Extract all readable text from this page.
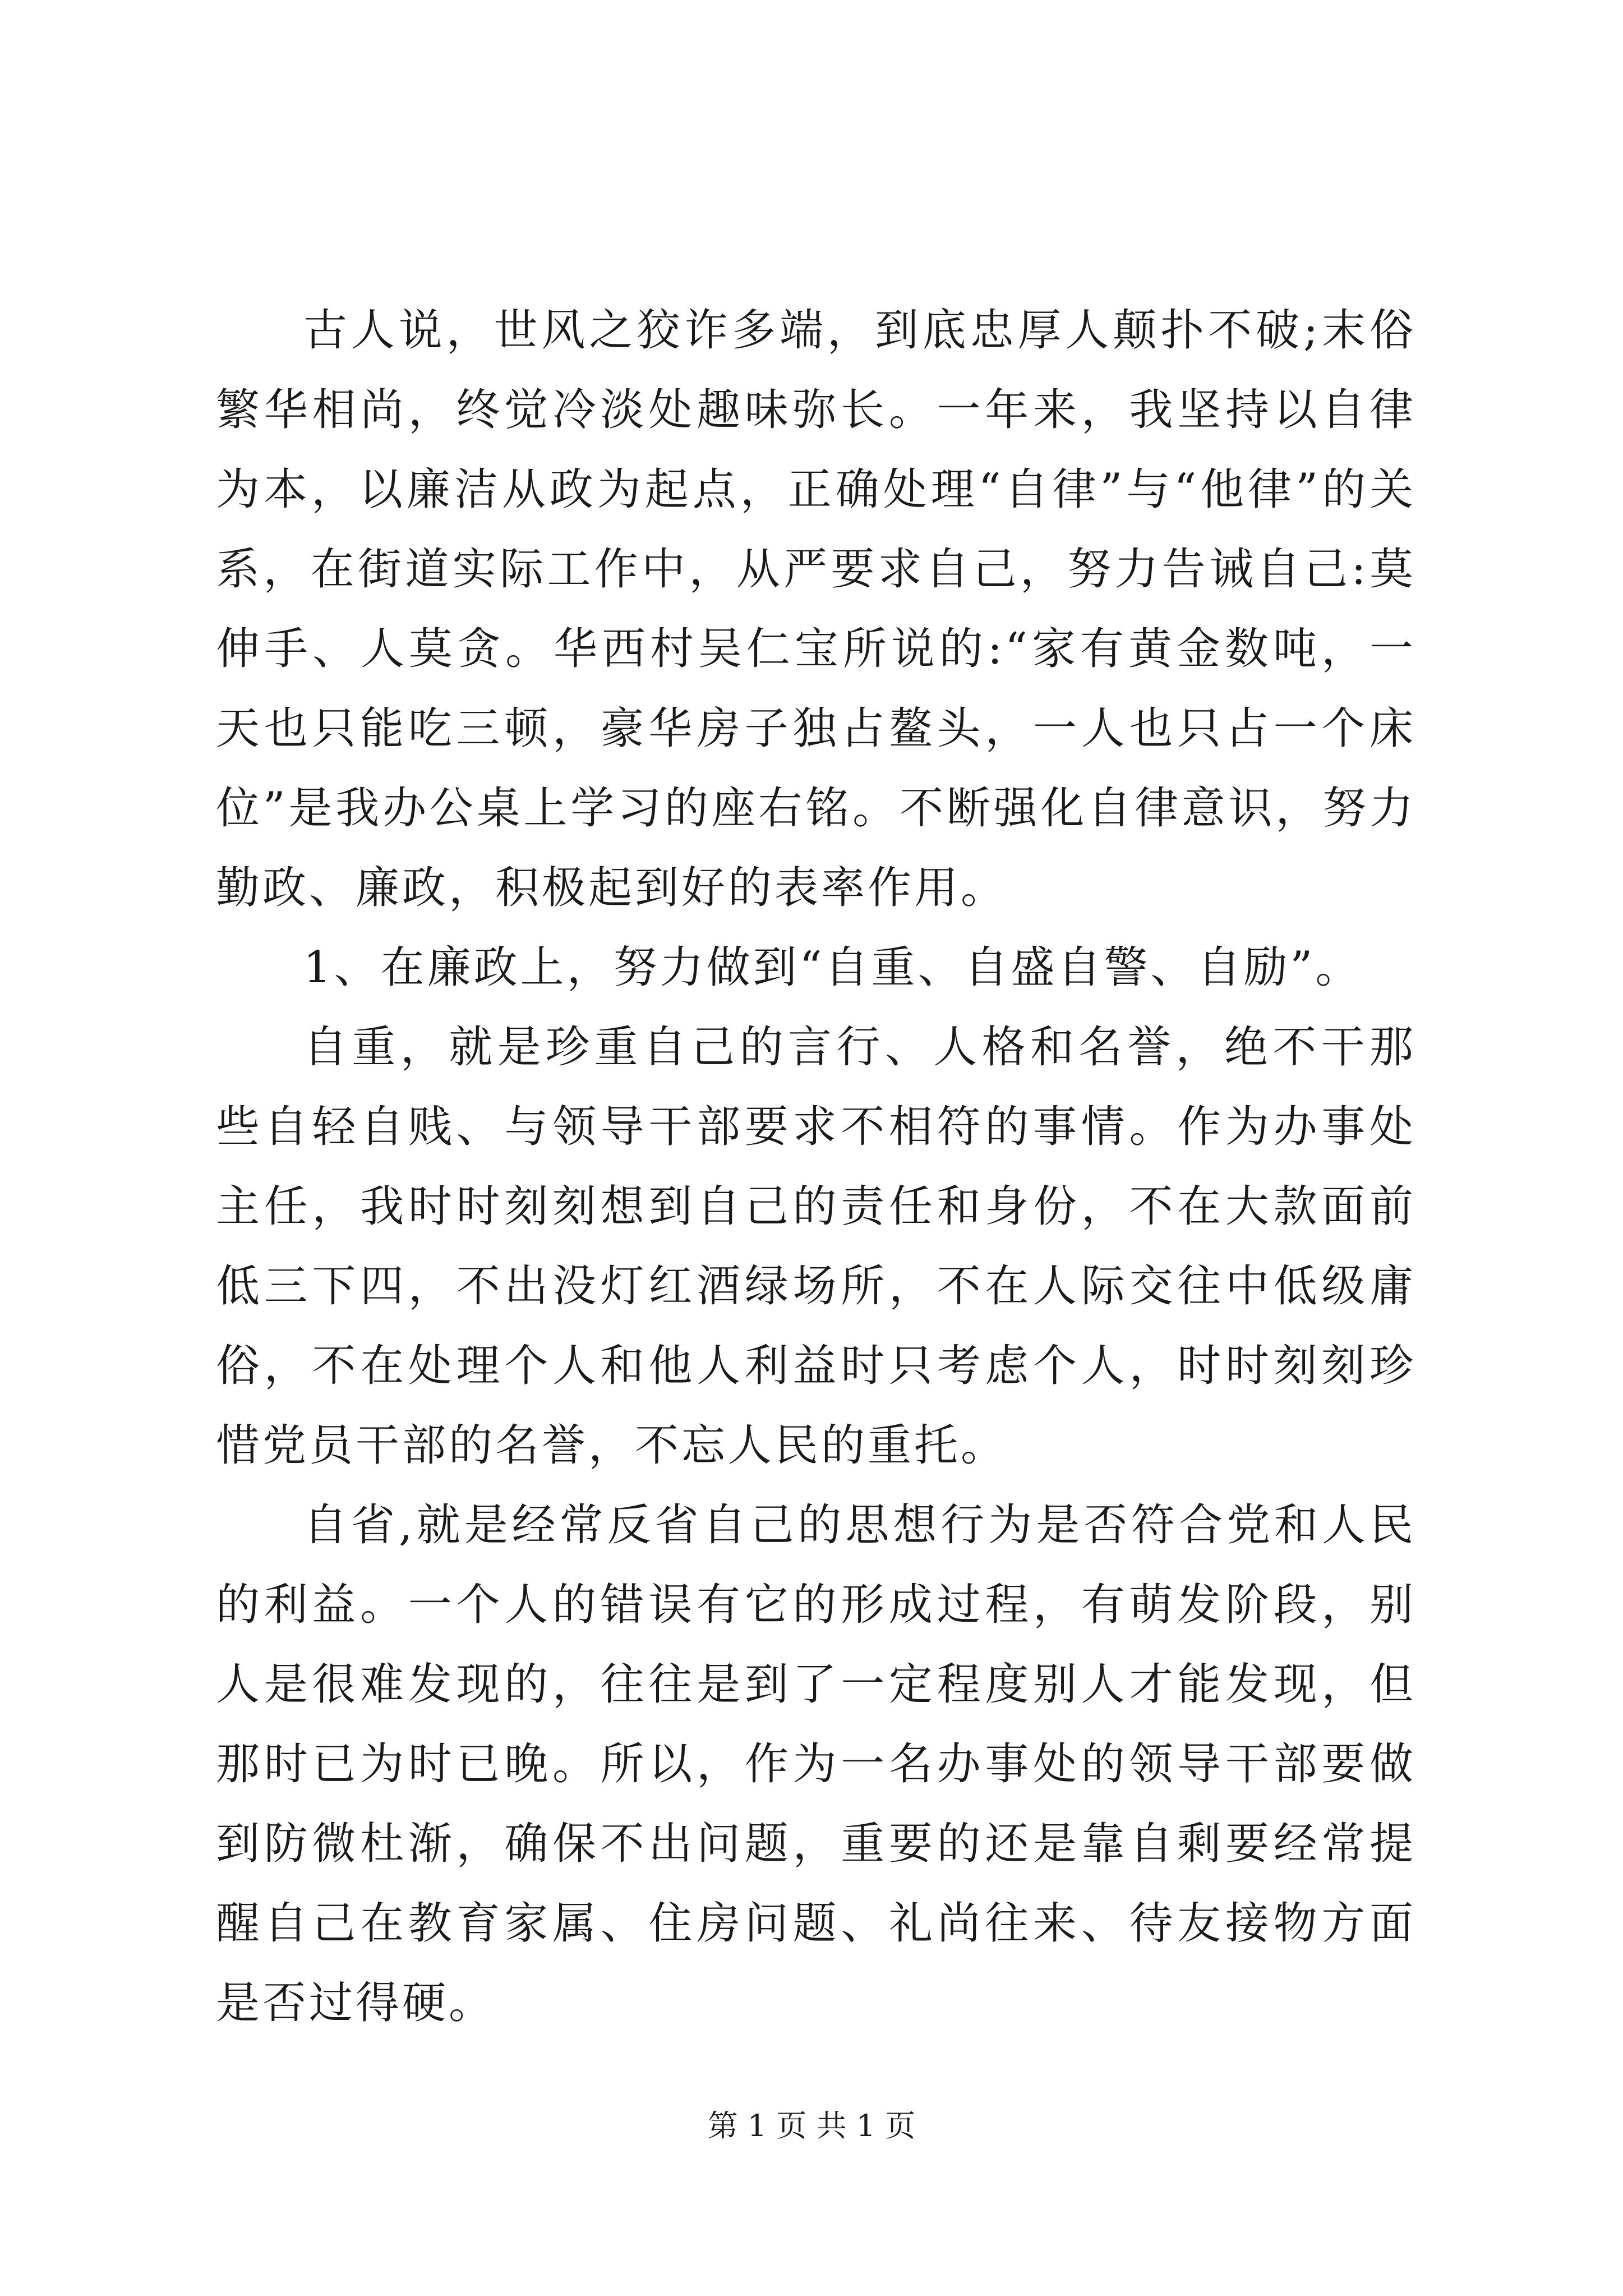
古人说，世风之狡诈多端，到底忠厚人颠扑不破;末俗繁华相尚，终觉冷淡处趣味弥长。一年来，我坚持以自律为本，以廉洁从政为起点，正确处理“自律”与“他律”的关系，在街道实际工作中，从严要求自己，努力告诫自己:莫伸手、人莫贪。华西村吴仁宝所说的:“家有黄金数吨，一天也只能吃三顿，豪华房子独占鳌头，一人也只占一个床位”是我办公桌上学习的座右铭。不断强化自律意识，努力勤政、廉政，积极起到好的表率作用。

1、在廉政上，努力做到“自重、自盛自警、自励”。

自重，就是珍重自己的言行、人格和名誉，绝不干那些自轻自贱、与领导干部要求不相符的事情。作为办事处主任，我时时刻刻想到自己的责任和身份，不在大款面前低三下四，不出没灯红酒绿场所，不在人际交往中低级庸俗，不在处理个人和他人利益时只考虑个人，时时刻刻珍惜党员干部的名誉，不忘人民的重托。

自省,就是经常反省自己的思想行为是否符合党和人民的利益。一个人的错误有它的形成过程，有萌发阶段，别人是很难发现的，往往是到了一定程度别人才能发现，但那时已为时已晚。所以，作为一名办事处的领导干部要做到防微杜渐，确保不出问题，重要的还是靠自剩要经常提醒自己在教育家属、住房问题、礼尚往来、待友接物方面是否过得硬。

第 1 页 共 1 页
